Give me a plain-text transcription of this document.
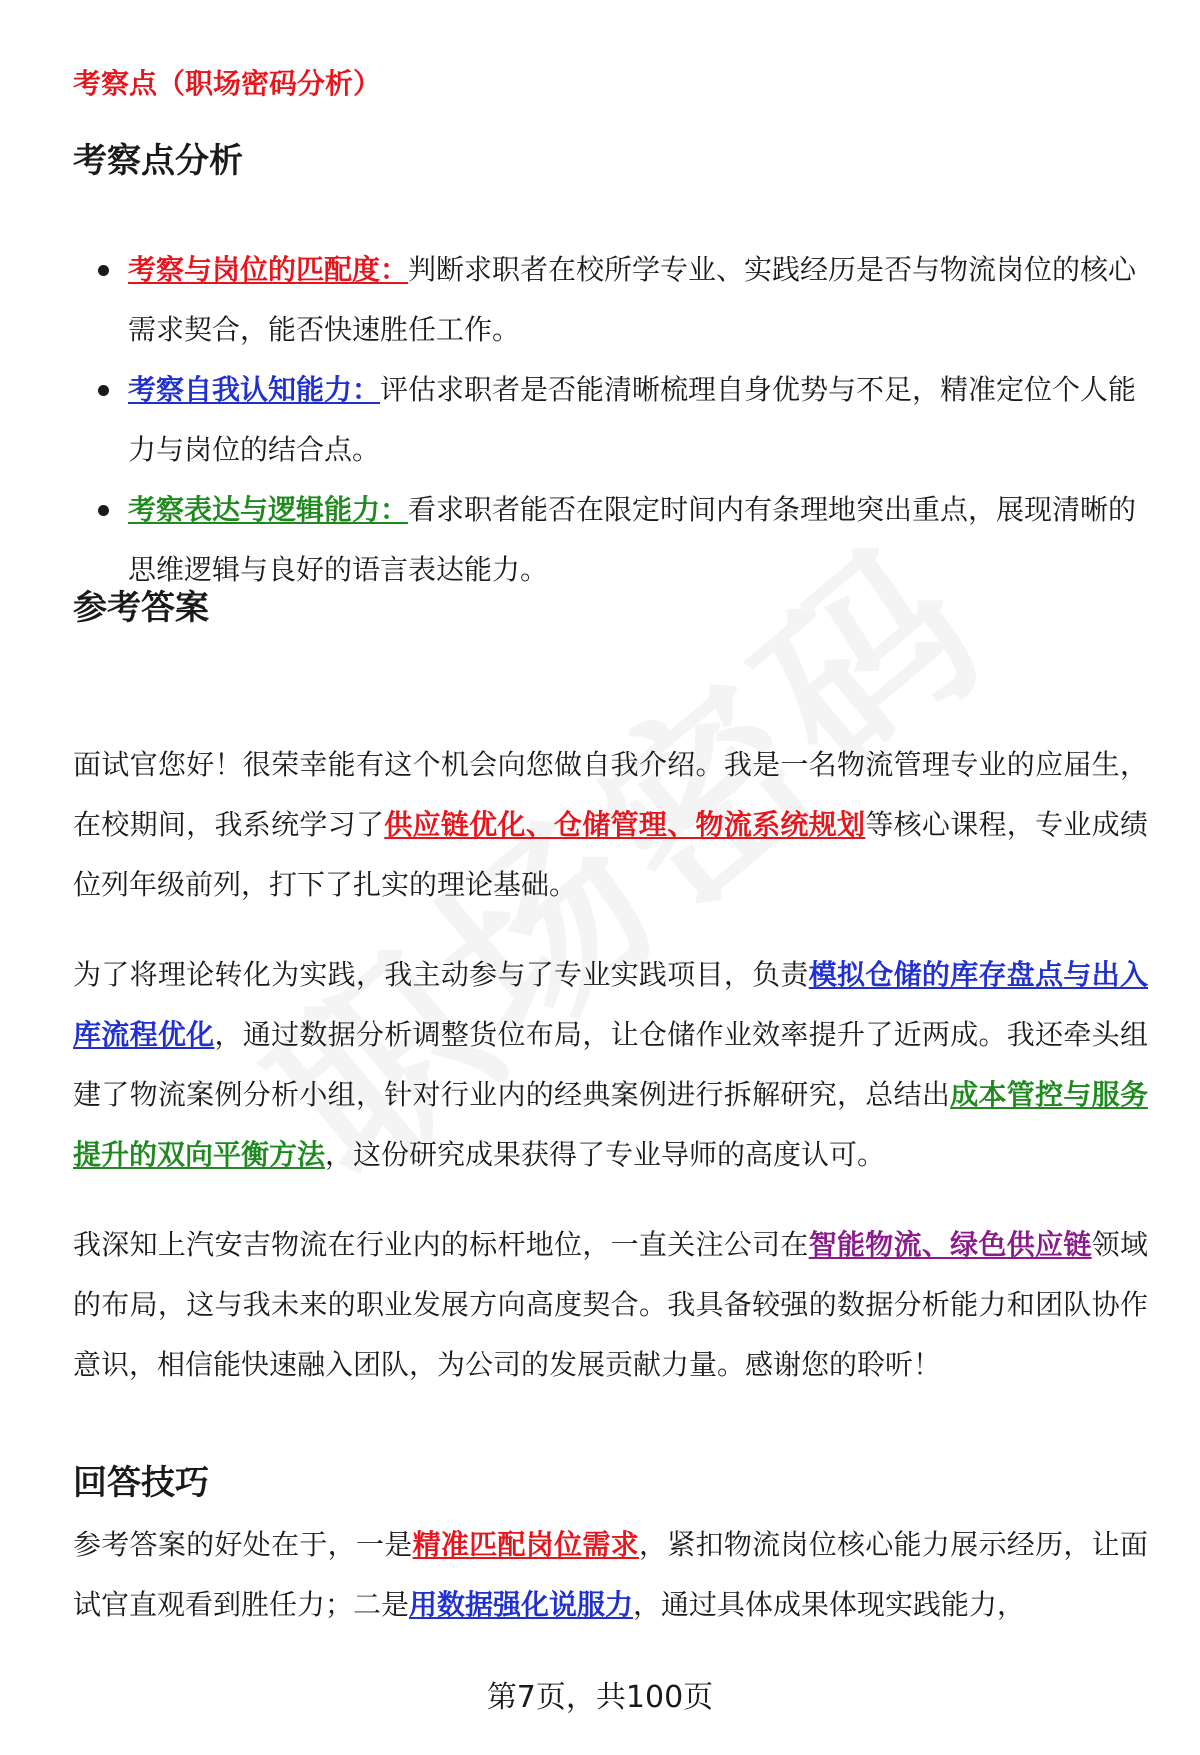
考察点（职场密码分析）
考察点分析
考察与岗位的匹配度：判断求职者在校所学专业、实践经历是否与物流岗位的核心需求契合，能否快速胜任工作。
考察自我认知能力：评估求职者是否能清晰梳理自身优势与不足，精准定位个人能力与岗位的结合点。
考察表达与逻辑能力：看求职者能否在限定时间内有条理地突出重点，展现清晰的思维逻辑与良好的语言表达能力。
参考答案

面试官您好！很荣幸能有这个机会向您做自我介绍。我是一名物流管理专业的应届生，在校期间，我系统学习了供应链优化、仓储管理、物流系统规划等核心课程，专业成绩位列年级前列，打下了扎实的理论基础。

为了将理论转化为实践，我主动参与了专业实践项目，负责模拟仓储的库存盘点与出入库流程优化，通过数据分析调整货位布局，让仓储作业效率提升了近两成。我还牵头组建了物流案例分析小组，针对行业内的经典案例进行拆解研究，总结出成本管控与服务提升的双向平衡方法，这份研究成果获得了专业导师的高度认可。

我深知上汽安吉物流在行业内的标杆地位，一直关注公司在智能物流、绿色供应链领域的布局，这与我未来的职业发展方向高度契合。我具备较强的数据分析能力和团队协作意识，相信能快速融入团队，为公司的发展贡献力量。感谢您的聆听！

回答技巧

参考答案的好处在于，一是精准匹配岗位需求，紧扣物流岗位核心能力展示经历，让面试官直观看到胜任力；二是用数据强化说服力，通过具体成果体现实践能力，

第7页，共100页
